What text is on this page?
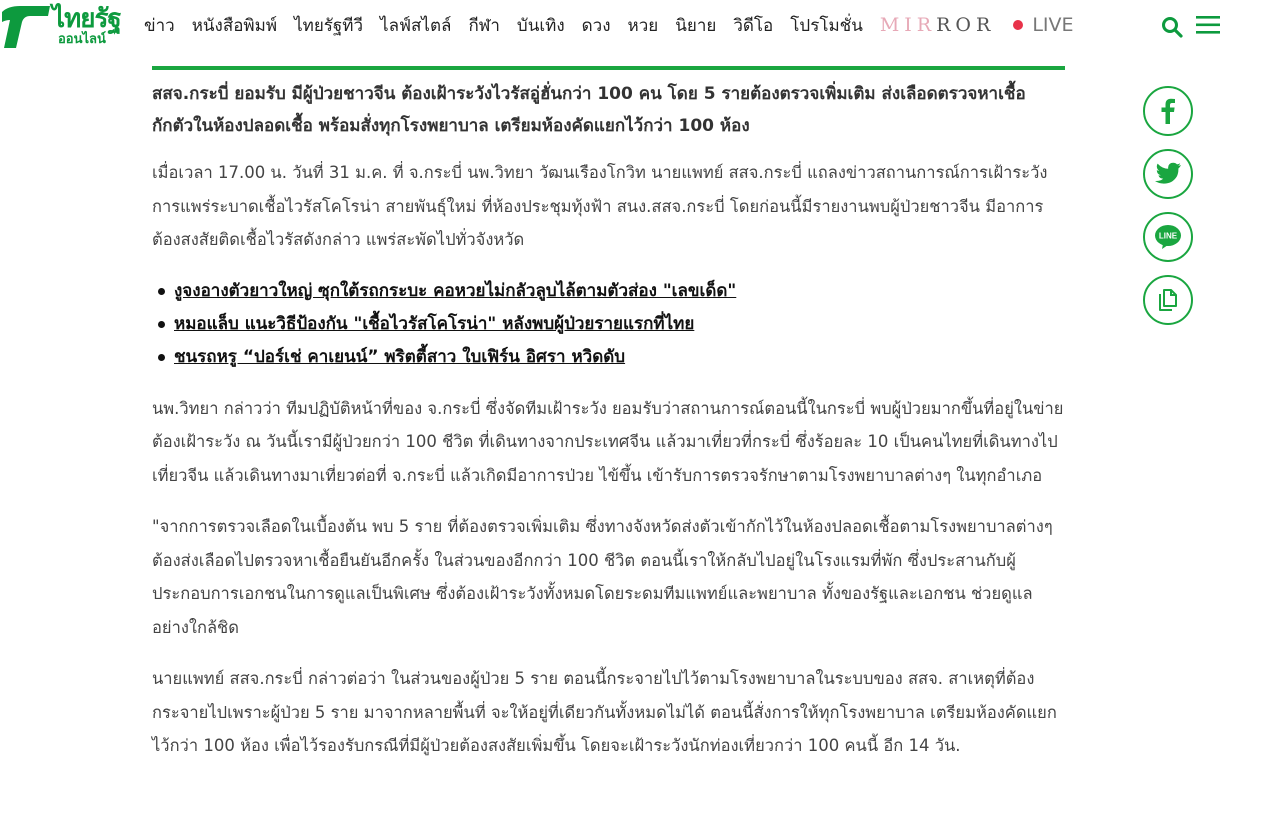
ไทยรัฐ
ออนไลน์
ข่าว หนังสือพิมพ์ ไทยรัฐทีวี ไลฟ์สไตล์ กีฬา บันเทิง ดวง หวย นิยาย วิดีโอ โปรโมชั่น MIRROR LIVE

สสจ.กระบี่ ยอมรับ มีผู้ป่วยชาวจีน ต้องเฝ้าระวังไวรัสอู่ฮั่นกว่า 100 คน โดย 5 รายต้องตรวจเพิ่มเติม ส่งเลือดตรวจหาเชื้อ กักตัวในห้องปลอดเชื้อ พร้อมสั่งทุกโรงพยาบาล เตรียมห้องคัดแยกไว้กว่า 100 ห้อง

เมื่อเวลา 17.00 น. วันที่ 31 ม.ค. ที่ จ.กระบี่ นพ.วิทยา วัฒนเรืองโกวิท นายแพทย์ สสจ.กระบี่ แถลงข่าวสถานการณ์การเฝ้าระวังการแพร่ระบาดเชื้อไวรัสโคโรน่า สายพันธุ์ใหม่ ที่ห้องประชุมทุ้งฟ้า สนง.สสจ.กระบี่ โดยก่อนนี้มีรายงานพบผู้ป่วยชาวจีน มีอาการต้องสงสัยติดเชื้อไวรัสดังกล่าว แพร่สะพัดไปทั่วจังหวัด

งูจงอางตัวยาวใหญ่ ซุกใต้รถกระบะ คอหวยไม่กลัวลูบไล้ตามตัวส่อง "เลขเด็ด"
หมอแล็บ แนะวิธีป้องกัน "เชื้อไวรัสโคโรน่า" หลังพบผู้ป่วยรายแรกที่ไทย
ชนรถหรู “ปอร์เช่ คาเยนน์” พริตตี้สาว ใบเฟิร์น อิศรา หวิดดับ

นพ.วิทยา กล่าวว่า ทีมปฏิบัติหน้าที่ของ จ.กระบี่ ซึ่งจัดทีมเฝ้าระวัง ยอมรับว่าสถานการณ์ตอนนี้ในกระบี่ พบผู้ป่วยมากขึ้นที่อยู่ในข่ายต้องเฝ้าระวัง ณ วันนี้เรามีผู้ป่วยกว่า 100 ชีวิต ที่เดินทางจากประเทศจีน แล้วมาเที่ยวที่กระบี่ ซึ่งร้อยละ 10 เป็นคนไทยที่เดินทางไปเที่ยวจีน แล้วเดินทางมาเที่ยวต่อที่ จ.กระบี่ แล้วเกิดมีอาการป่วย ไข้ขึ้น เข้ารับการตรวจรักษาตามโรงพยาบาลต่างๆ ในทุกอำเภอ

"จากการตรวจเลือดในเบื้องต้น พบ 5 ราย ที่ต้องตรวจเพิ่มเติม ซึ่งทางจังหวัดส่งตัวเข้ากักไว้ในห้องปลอดเชื้อตามโรงพยาบาลต่างๆ ต้องส่งเลือดไปตรวจหาเชื้อยืนยันอีกครั้ง ในส่วนของอีกกว่า 100 ชีวิต ตอนนี้เราให้กลับไปอยู่ในโรงแรมที่พัก ซึ่งประสานกับผู้ประกอบการเอกชนในการดูแลเป็นพิเศษ ซึ่งต้องเฝ้าระวังทั้งหมดโดยระดมทีมแพทย์และพยาบาล ทั้งของรัฐและเอกชน ช่วยดูแลอย่างใกล้ชิด

นายแพทย์ สสจ.กระบี่ กล่าวต่อว่า ในส่วนของผู้ป่วย 5 ราย ตอนนี้กระจายไปไว้ตามโรงพยาบาลในระบบของ สสจ. สาเหตุที่ต้องกระจายไปเพราะผู้ป่วย 5 ราย มาจากหลายพื้นที่ จะให้อยู่ที่เดียวกันทั้งหมดไม่ได้ ตอนนี้สั่งการให้ทุกโรงพยาบาล เตรียมห้องคัดแยกไว้กว่า 100 ห้อง เพื่อไว้รองรับกรณีที่มีผู้ป่วยต้องสงสัยเพิ่มขึ้น โดยจะเฝ้าระวังนักท่องเที่ยวกว่า 100 คนนี้ อีก 14 วัน.

LINE
